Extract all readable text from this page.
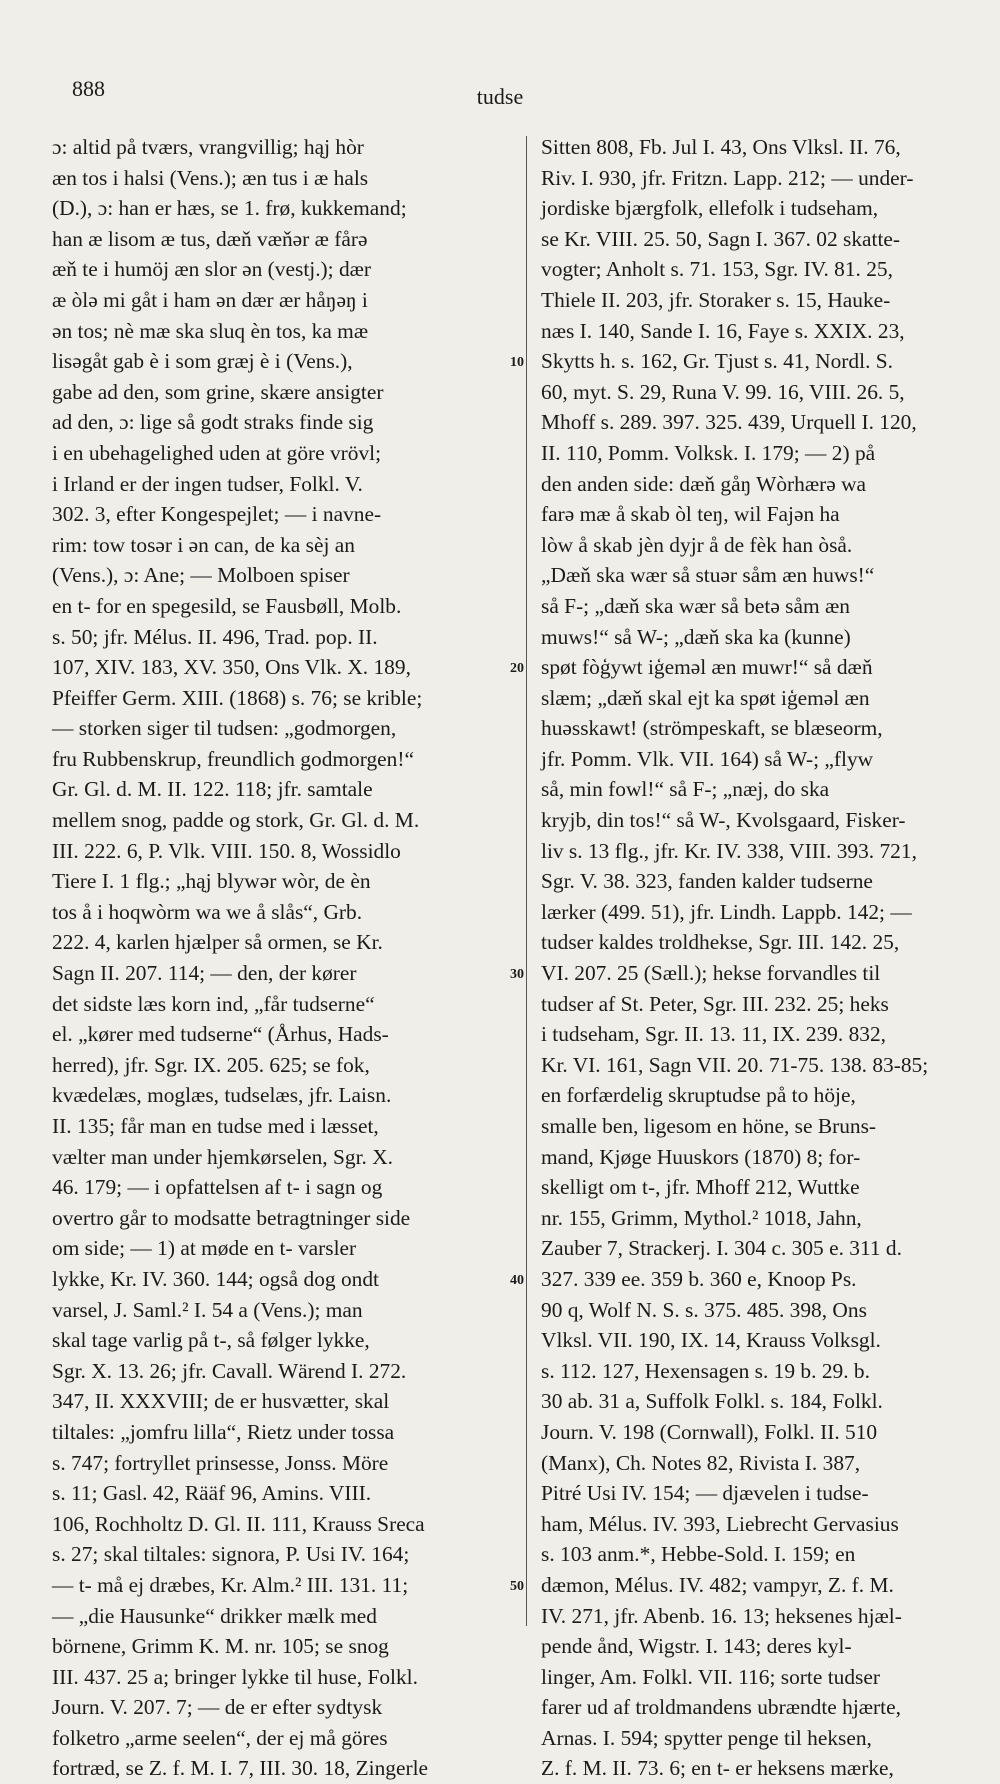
888	tudse
ɔ: altid på tværs, vrangvillig; hąj hòr
æn tos i halsi (Vens.); æn tus i æ hals
(D.), ɔ: han er hæs, se 1. frø, kukkemand;
han æ lisom æ tus, dæň væňər æ fårə
æň te i humöj æn slor ən (vestj.); dær
æ òlə mi gåt i ham ən dær ær håŋəŋ i
ən tos; nè mæ ska sluq èn tos, ka mæ
lisəgåt gab è i som græj è i (Vens.),
gabe ad den, som grine, skære ansigter
ad den, ɔ: lige så godt straks finde sig
i en ubehagelighed uden at göre vrövl;
i Irland er der ingen tudser, Folkl. V.
302. 3, efter Kongespejlet; — i navne-
rim: tow tosər i ən can, de ka sèj an
(Vens.), ɔ: Ane; — Molboen spiser
en t- for en spegesild, se Fausbøll, Molb.
s. 50; jfr. Mélus. II. 496, Trad. pop. II.
107, XIV. 183, XV. 350, Ons Vlk. X. 189,
Pfeiffer Germ. XIII. (1868) s. 76; se krible;
— storken siger til tudsen: „godmorgen,
fru Rubbenskrup, freundlich godmorgen!“
Gr. Gl. d. M. II. 122. 118; jfr. samtale
mellem snog, padde og stork, Gr. Gl. d. M.
III. 222. 6, P. Vlk. VIII. 150. 8, Wossidlo
Tiere I. 1 flg.; „hąj blywər wòr, de èn
tos å i hoqwòrm wa we å slås“, Grb.
222. 4, karlen hjælper så ormen, se Kr.
Sagn II. 207. 114; — den, der kører
det sidste læs korn ind, „får tudserne“
el. „kører med tudserne“ (Århus, Hads-
herred), jfr. Sgr. IX. 205. 625; se fok,
kvædelæs, moglæs, tudselæs, jfr. Laisn.
II. 135; får man en tudse med i læsset,
vælter man under hjemkørselen, Sgr. X.
46. 179; — i opfattelsen af t- i sagn og
overtro går to modsatte betragtninger side
om side; — 1) at møde en t- varsler
lykke, Kr. IV. 360. 144; også dog ondt
varsel, J. Saml.² I. 54 a (Vens.); man
skal tage varlig på t-, så følger lykke,
Sgr. X. 13. 26; jfr. Cavall. Wärend I. 272.
347, II. XXXVIII; de er husvætter, skal
tiltales: „jomfru lilla“, Rietz under tossa
s. 747; fortryllet prinsesse, Jonss. Möre
s. 11; Gasl. 42, Rääf 96, Amins. VIII.
106, Rochholtz D. Gl. II. 111, Krauss Sreca
s. 27; skal tiltales: signora, P. Usi IV. 164;
— t- må ej dræbes, Kr. Alm.² III. 131. 11;
— „die Hausunke“ drikker mælk med
börnene, Grimm K. M. nr. 105; se snog
III. 437. 25 a; bringer lykke til huse, Folkl.
Journ. V. 207. 7; — de er efter sydtysk
folketro „arme seelen“, der ej må göres
fortræd, se Z. f. M. I. 7, III. 30. 18, Zingerle
Sitten 808, Fb. Jul I. 43, Ons Vlksl. II. 76,
Riv. I. 930, jfr. Fritzn. Lapp. 212; — under-
jordiske bjærgfolk, ellefolk i tudseham,
se Kr. VIII. 25. 50, Sagn I. 367. 02 skatte-
vogter; Anholt s. 71. 153, Sgr. IV. 81. 25,
Thiele II. 203, jfr. Storaker s. 15, Hauke-
næs I. 140, Sande I. 16, Faye s. XXIX. 23,
Skytts h. s. 162, Gr. Tjust s. 41, Nordl. S.
60, myt. S. 29, Runa V. 99. 16, VIII. 26. 5,
Mhoff s. 289. 397. 325. 439, Urquell I. 120,
II. 110, Pomm. Volksk. I. 179; — 2) på
den anden side: dæň gåŋ Wòrhærə wa
farə mæ å skab òl teŋ, wil Fajən ha
lòw å skab jèn dyjr å de fèk han òså.
„Dæň ska wær så stuər såm æn huws!“
så F-; „dæň ska wær så betə såm æn
muws!“ så W-; „dæň ska ka (kunne)
spøt fòģywt iģeməl æn muwr!“ så dæň
slæm; „dæň skal ejt ka spøt iģeməl æn
huəsskawt! (strömpeskaft, se blæseorm,
jfr. Pomm. Vlk. VII. 164) så W-; „flyw
så, min fowl!“ så F-; „næj, do ska
kryjb, din tos!“ så W-, Kvolsgaard, Fisker-
liv s. 13 flg., jfr. Kr. IV. 338, VIII. 393. 721,
Sgr. V. 38. 323, fanden kalder tudserne
lærker (499. 51), jfr. Lindh. Lappb. 142; —
tudser kaldes troldhekse, Sgr. III. 142. 25,
VI. 207. 25 (Sæll.); hekse forvandles til
tudser af St. Peter, Sgr. III. 232. 25; heks
i tudseham, Sgr. II. 13. 11, IX. 239. 832,
Kr. VI. 161, Sagn VII. 20. 71-75. 138. 83-85;
en forfærdelig skruptudse på to höje,
smalle ben, ligesom en höne, se Bruns-
mand, Kjøge Huuskors (1870) 8; for-
skelligt om t-, jfr. Mhoff 212, Wuttke
nr. 155, Grimm, Mythol.² 1018, Jahn,
Zauber 7, Strackerj. I. 304 c. 305 e. 311 d.
327. 339 ee. 359 b. 360 e, Knoop Ps.
90 q, Wolf N. S. s. 375. 485. 398, Ons
Vlksl. VII. 190, IX. 14, Krauss Volksgl.
s. 112. 127, Hexensagen s. 19 b. 29. b.
30 ab. 31 a, Suffolk Folkl. s. 184, Folkl.
Journ. V. 198 (Cornwall), Folkl. II. 510
(Manx), Ch. Notes 82, Rivista I. 387,
Pitré Usi IV. 154; — djævelen i tudse-
ham, Mélus. IV. 393, Liebrecht Gervasius
s. 103 anm.*, Hebbe-Sold. I. 159; en
dæmon, Mélus. IV. 482; vampyr, Z. f. M.
IV. 271, jfr. Abenb. 16. 13; heksenes hjæl-
pende ånd, Wigstr. I. 143; deres kyl-
linger, Am. Folkl. VII. 116; sorte tudser
farer ud af troldmandens ubrændte hjærte,
Arnas. I. 594; spytter penge til heksen,
Z. f. M. II. 73. 6; en t- er heksens mærke,
10
20
30
40
50
